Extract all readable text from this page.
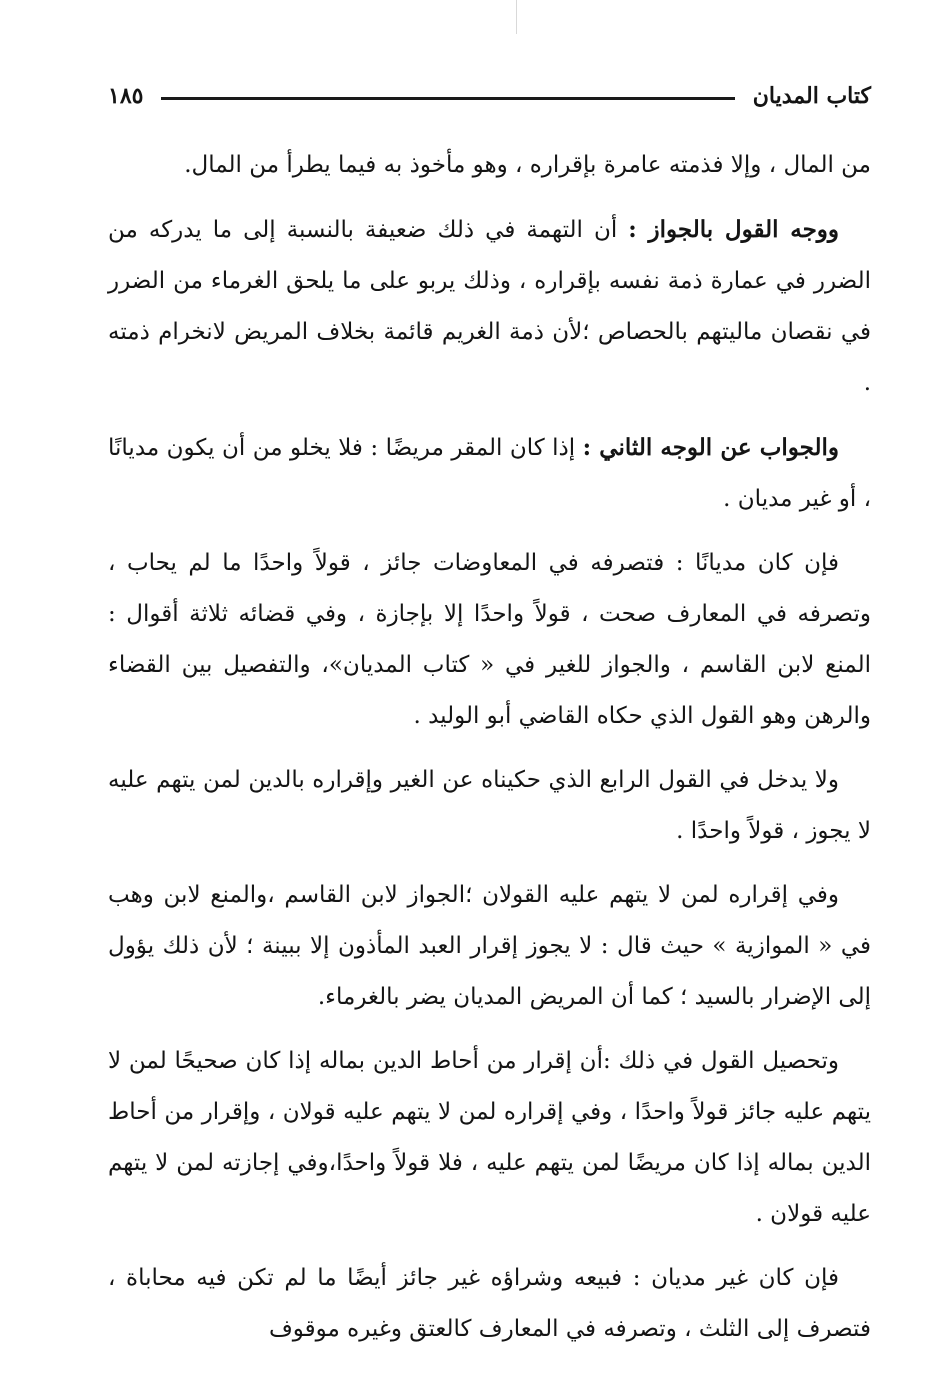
كتاب المديان
١٨٥

من المال ، وإلا فذمته عامرة بإقراره ، وهو مأخوذ به فيما يطرأ من المال.

ووجه القول بالجواز : أن التهمة في ذلك ضعيفة بالنسبة إلى ما يدركه من الضرر في عمارة ذمة نفسه بإقراره ، وذلك يربو على ما يلحق الغرماء من الضرر في نقصان ماليتهم بالحصاص ؛لأن ذمة الغريم قائمة بخلاف المريض لانخرام ذمته .

والجواب عن الوجه الثاني : إذا كان المقر مريضًا : فلا يخلو من أن يكون مديانًا ، أو غير مديان .

فإن كان مديانًا : فتصرفه في المعاوضات جائز ، قولاً واحدًا ما لم يحاب ، وتصرفه في المعارف صحت ، قولاً واحدًا إلا بإجازة ، وفي قضائه ثلاثة أقوال : المنع لابن القاسم ، والجواز للغير في « كتاب المديان»، والتفصيل بين القضاء والرهن وهو القول الذي حكاه القاضي أبو الوليد .

ولا يدخل في القول الرابع الذي حكيناه عن الغير وإقراره بالدين لمن يتهم عليه لا يجوز ، قولاً واحدًا .

وفي إقراره لمن لا يتهم عليه القولان ؛الجواز لابن القاسم ،والمنع لابن وهب في « الموازية » حيث قال : لا يجوز إقرار العبد المأذون إلا ببينة ؛ لأن ذلك يؤول إلى الإضرار بالسيد ؛ كما أن المريض المديان يضر بالغرماء.

وتحصيل القول في ذلك :أن إقرار من أحاط الدين بماله إذا كان صحيحًا لمن لا يتهم عليه جائز قولاً واحدًا ، وفي إقراره لمن لا يتهم عليه قولان ، وإقرار من أحاط الدين بماله إذا كان مريضًا لمن يتهم عليه ، فلا قولاً واحدًا،وفي إجازته لمن لا يتهم عليه قولان .

فإن كان غير مديان : فبيعه وشراؤه غير جائز أيضًا ما لم تكن فيه محاباة ، فتصرف إلى الثلث ، وتصرفه في المعارف كالعتق وغيره موقوف
